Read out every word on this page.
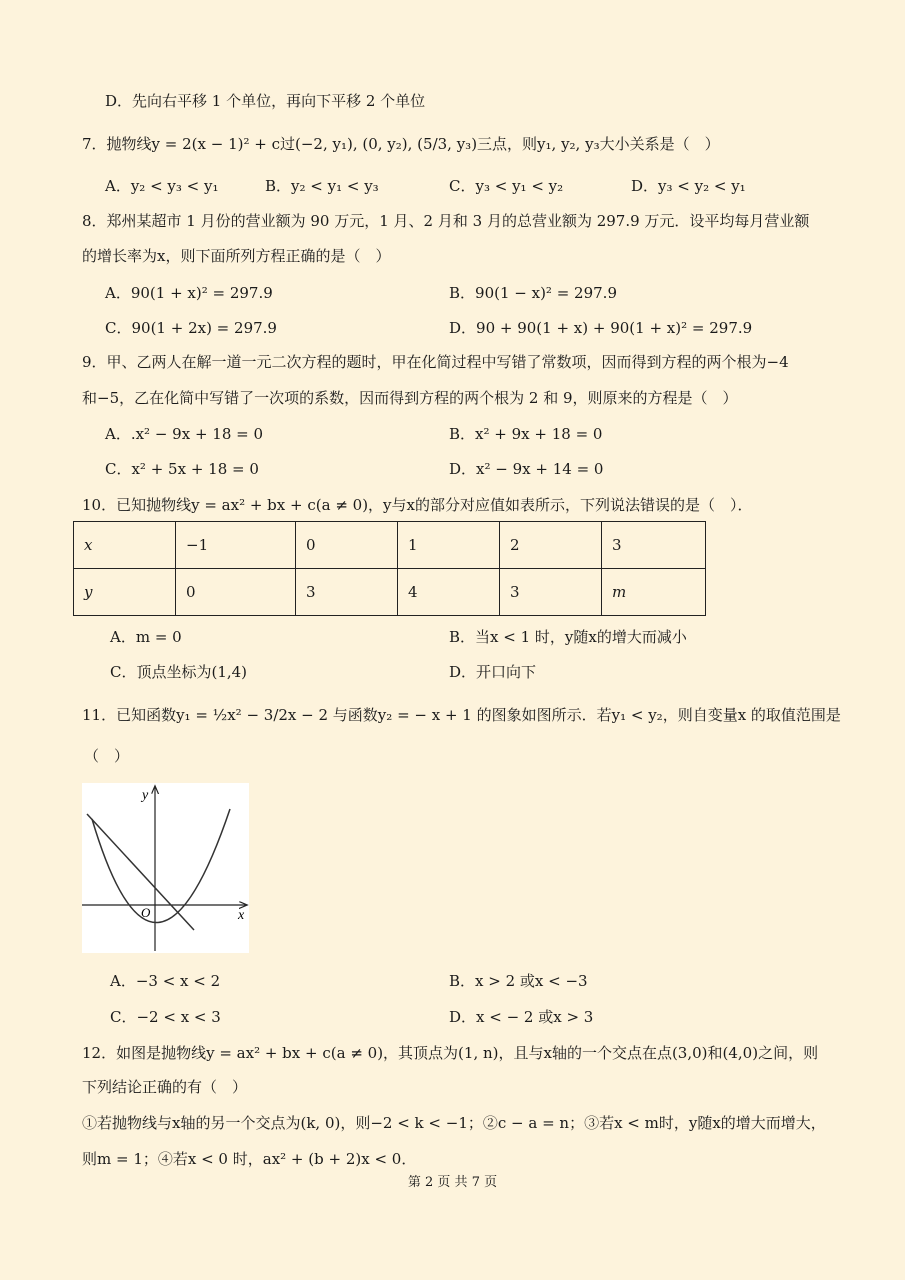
D．先向右平移 1 个单位，再向下平移 2 个单位
7．抛物线y = 2(x − 1)² + c过(−2, y₁), (0, y₂), (5/3, y₃)三点，则y₁, y₂, y₃大小关系是（　）
A．y₂ < y₃ < y₁	B．y₂ < y₁ < y₃	C．y₃ < y₁ < y₂	D．y₃ < y₂ < y₁
8．郑州某超市 1 月份的营业额为 90 万元，1 月、2 月和 3 月的总营业额为 297.9 万元．设平均每月营业额
的增长率为x，则下面所列方程正确的是（　）
A．90(1 + x)² = 297.9	B．90(1 − x)² = 297.9
C．90(1 + 2x) = 297.9	D．90 + 90(1 + x) + 90(1 + x)² = 297.9
9．甲、乙两人在解一道一元二次方程的题时，甲在化简过程中写错了常数项，因而得到方程的两个根为−4
和−5，乙在化简中写错了一次项的系数，因而得到方程的两个根为 2 和 9，则原来的方程是（　）
A．.x² − 9x + 18 = 0	B．x² + 9x + 18 = 0
C．x² + 5x + 18 = 0	D．x² − 9x + 14 = 0
10．已知抛物线y = ax² + bx + c(a ≠ 0)，y与x的部分对应值如表所示，下列说法错误的是（　）．
x	−1	0	1	2	3
y	0	3	4	3	m
A．m = 0	B．当x < 1 时，y随x的增大而减小
C．顶点坐标为(1,4)	D．开口向下
11．已知函数y₁ = ½x² − 3/2x − 2 与函数y₂ = − x + 1 的图象如图所示．若y₁ < y₂，则自变量x 的取值范围是
（　）
y
x
O
A．−3 < x < 2	B．x > 2 或x < −3
C．−2 < x < 3	D．x < − 2 或x > 3
12．如图是抛物线y = ax² + bx + c(a ≠ 0)，其顶点为(1, n)，且与x轴的一个交点在点(3,0)和(4,0)之间，则
下列结论正确的有（　）
①若抛物线与x轴的另一个交点为(k, 0)，则−2 < k < −1；②c − a = n；③若x < m时，y随x的增大而增大，
则m = 1；④若x < 0 时，ax² + (b + 2)x < 0．
第 2 页 共 7 页
